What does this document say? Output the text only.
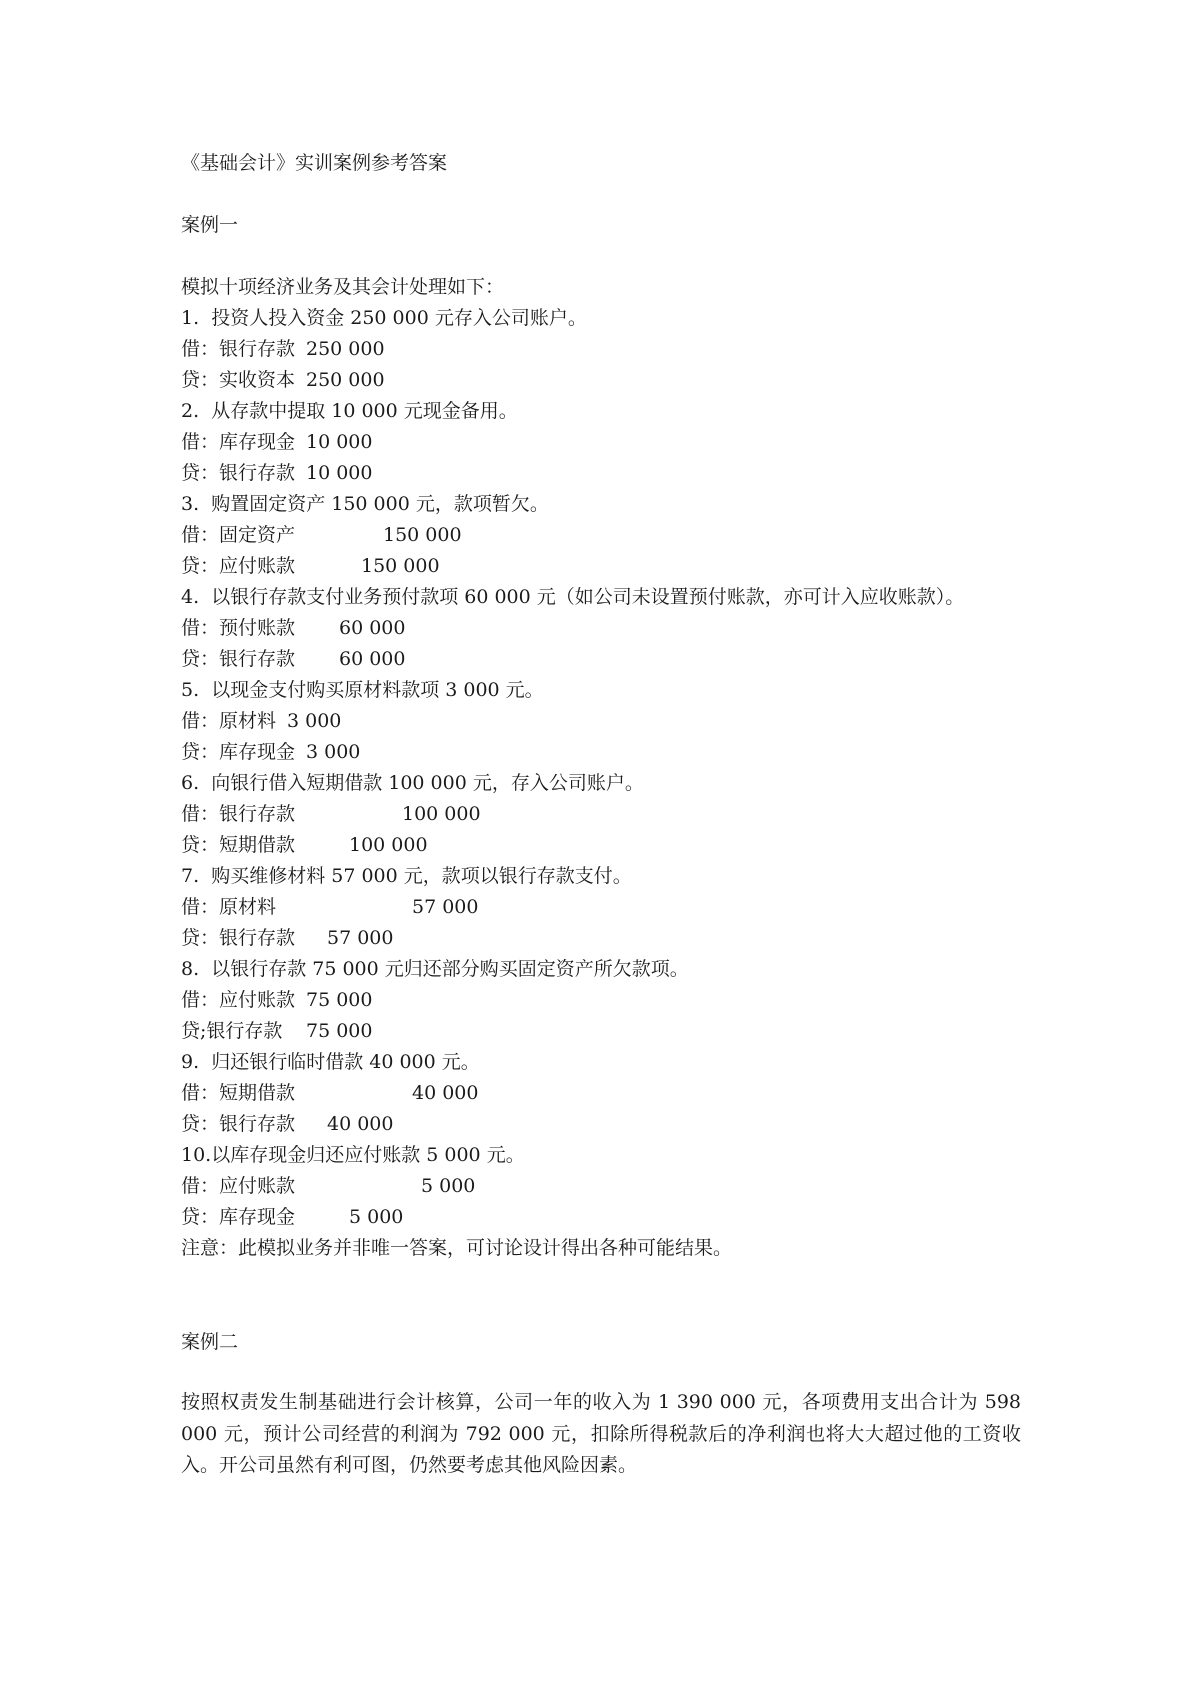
《基础会计》实训案例参考答案
案例一
模拟十项经济业务及其会计处理如下：
1.  投资人投入资金 250 000 元存入公司账户。
借：银行存款 250 000
贷：实收资本 250 000
2.  从存款中提取 10 000 元现金备用。
借：库存现金 10 000
贷：银行存款 10 000
3.  购置固定资产 150 000 元，款项暂欠。
借：固定资产	150 000
贷：应付账款	150 000
4.  以银行存款支付业务预付款项 60 000 元（如公司未设置预付账款，亦可计入应收账款）。
借：预付账款 60 000
贷：银行存款 60 000
5.  以现金支付购买原材料款项 3 000 元。
借：原材料 3 000
贷：库存现金 3 000
6.  向银行借入短期借款 100 000 元，存入公司账户。
借：银行存款	100 000
贷：短期借款	100 000
7.  购买维修材料 57 000 元，款项以银行存款支付。
借：原材料	57 000
贷：银行存款 57 000
8.  以银行存款 75 000 元归还部分购买固定资产所欠款项。
借：应付账款 75 000
贷;银行存款 75 000
9.  归还银行临时借款 40 000 元。
借：短期借款	40 000
贷：银行存款 40 000
10.以库存现金归还应付账款 5 000 元。
借：应付账款	5 000
贷：库存现金	5 000
注意：此模拟业务并非唯一答案，可讨论设计得出各种可能结果。
案例二
按照权责发生制基础进行会计核算，公司一年的收入为 1 390 000 元，各项费用支出合计为 598 000 元，预计公司经营的利润为 792 000 元，扣除所得税款后的净利润也将大大超过他的工资收入。开公司虽然有利可图，仍然要考虑其他风险因素。
